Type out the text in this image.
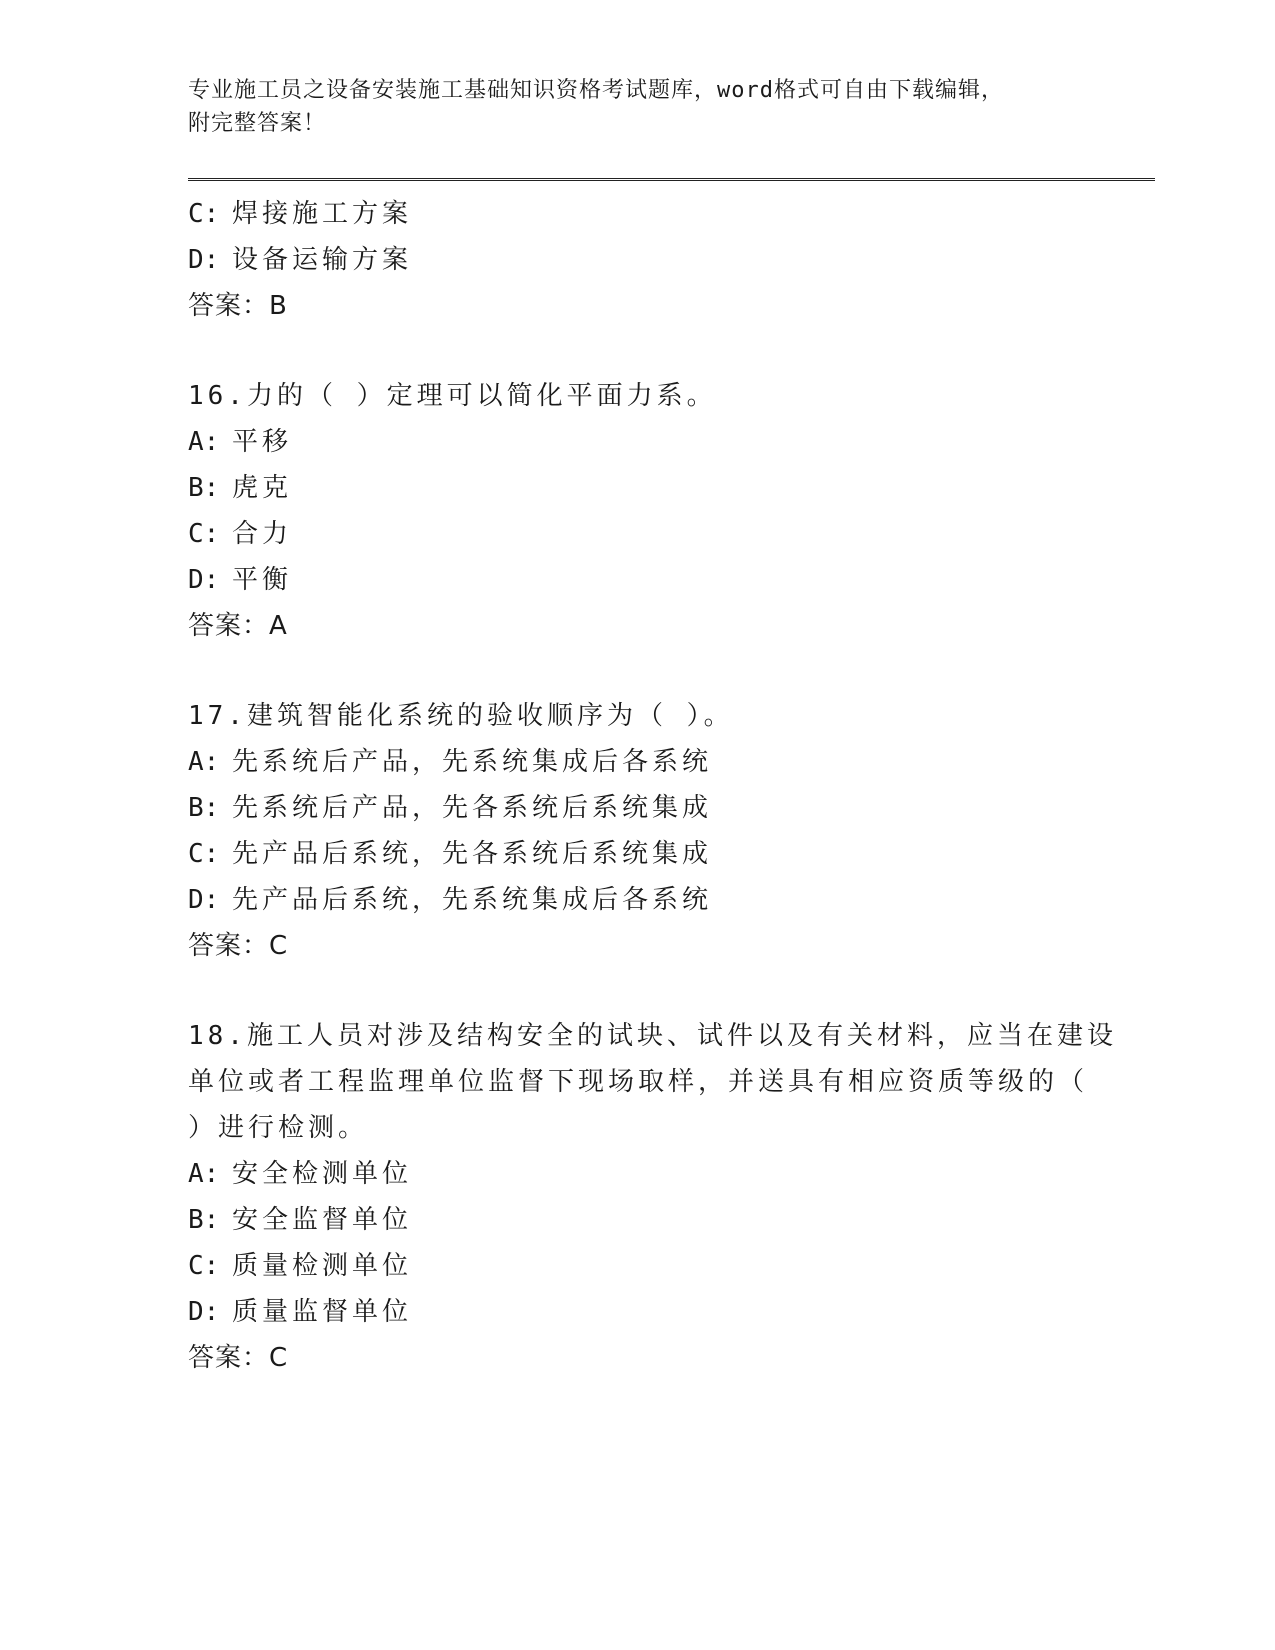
专业施工员之设备安装施工基础知识资格考试题库，word格式可自由下载编辑，
附完整答案！
C: 焊接施工方案
D: 设备运输方案
答案：B
16.力的（ ）定理可以简化平面力系。
A: 平移
B: 虎克
C: 合力
D: 平衡
答案：A
17.建筑智能化系统的验收顺序为（ ）。
A: 先系统后产品，先系统集成后各系统
B: 先系统后产品，先各系统后系统集成
C: 先产品后系统，先各系统后系统集成
D: 先产品后系统，先系统集成后各系统
答案：C
18.施工人员对涉及结构安全的试块、试件以及有关材料，应当在建设
单位或者工程监理单位监督下现场取样，并送具有相应资质等级的（
）进行检测。
A: 安全检测单位
B: 安全监督单位
C: 质量检测单位
D: 质量监督单位
答案：C
